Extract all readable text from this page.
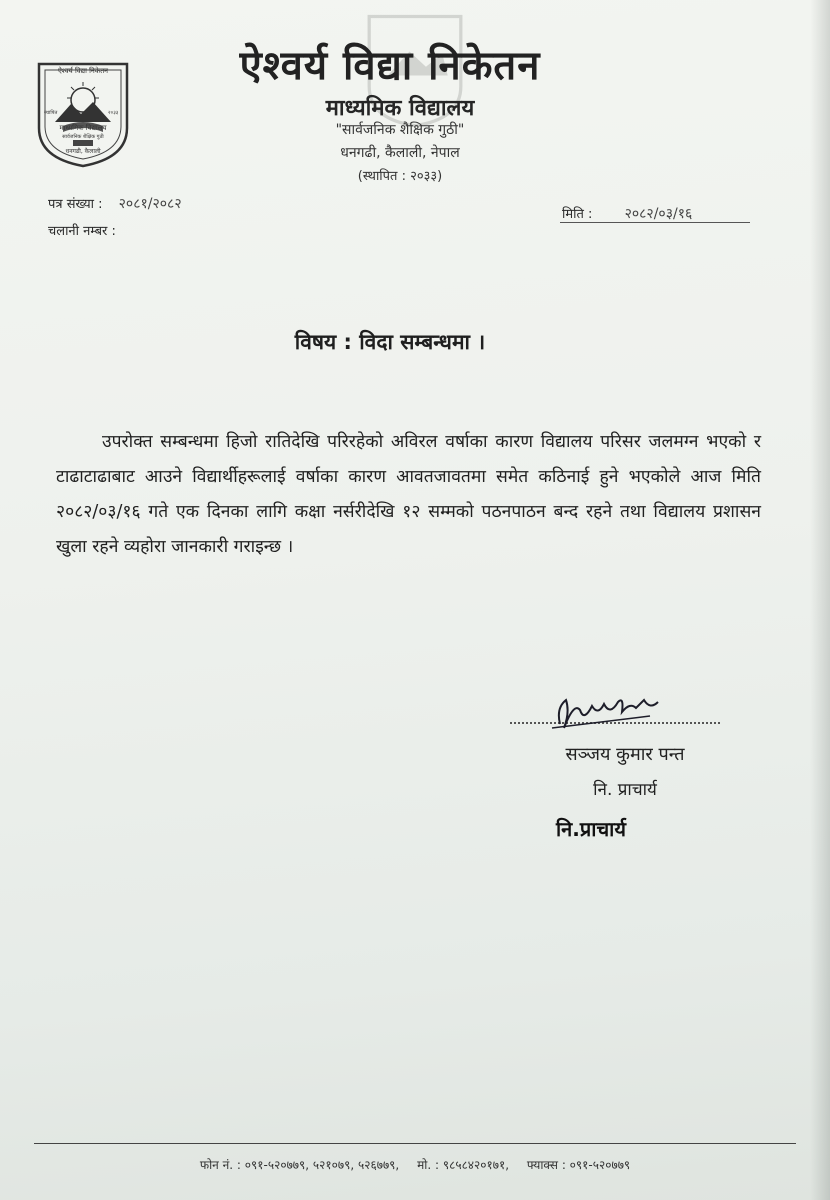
ऐश्वर्य विद्या निकेतन
स्थापित	२०३३
माध्यमिक विद्यालय
सार्वजनिक शैक्षिक गुठी
धनगढी, कैलाली
ऐश्वर्य विद्या निकेतन
माध्यमिक विद्यालय
"सार्वजनिक शैक्षिक गुठी"
धनगढी, कैलाली, नेपाल
(स्थापित : २०३३)
पत्र संख्या : २०८१/२०८२
चलानी नम्बर :
मिति : २०८२/०३/१६
विषय : विदा सम्बन्धमा ।
उपरोक्त सम्बन्धमा हिजो रातिदेखि परिरहेको अविरल वर्षाका कारण विद्यालय परिसर जलमग्न भएको र टाढाटाढाबाट आउने विद्यार्थीहरूलाई वर्षाका कारण आवतजावतमा समेत कठिनाई हुने भएकोले आज मिति २०८२/०३/१६ गते एक दिनका लागि कक्षा नर्सरीदेखि १२ सम्मको पठनपाठन बन्द रहने तथा विद्यालय प्रशासन खुला रहने व्यहोरा जानकारी गराइन्छ ।
सञ्जय कुमार पन्त
नि. प्राचार्य
नि.प्राचार्य
फोन नं. : ०९१-५२०७७९, ५२१०७९, ५२६७७९, मो. : ९८५८४२०१७१, फ्याक्स : ०९१-५२०७७९
